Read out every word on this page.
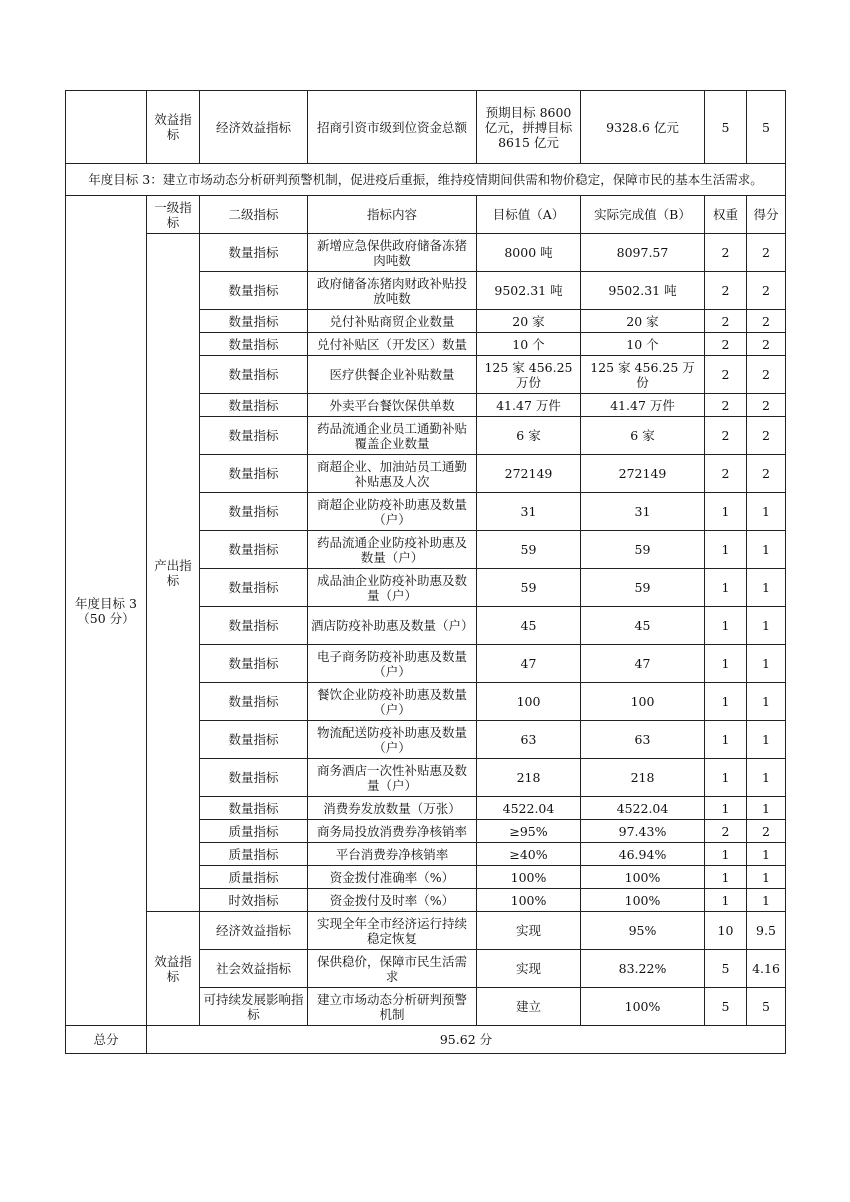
	效益指标	经济效益指标	招商引资市级到位资金总额	预期目标 8600 亿元，拼搏目标 8615 亿元	9328.6 亿元	5	5
年度目标 3：建立市场动态分析研判预警机制，促进疫后重振，维持疫情期间供需和物价稳定，保障市民的基本生活需求。							
年度目标 3
（50 分）	一级指标	二级指标	指标内容	目标值（A）	实际完成值（B）	权重	得分
	产出指标	数量指标	新增应急保供政府储备冻猪肉吨数	8000 吨	8097.57	2	2
		数量指标	政府储备冻猪肉财政补贴投放吨数	9502.31 吨	9502.31 吨	2	2
		数量指标	兑付补贴商贸企业数量	20 家	20 家	2	2
		数量指标	兑付补贴区（开发区）数量	10 个	10 个	2	2
		数量指标	医疗供餐企业补贴数量	125 家 456.25 万份	125 家 456.25 万份	2	2
		数量指标	外卖平台餐饮保供单数	41.47 万件	41.47 万件	2	2
		数量指标	药品流通企业员工通勤补贴覆盖企业数量	6 家	6 家	2	2
		数量指标	商超企业、加油站员工通勤补贴惠及人次	272149	272149	2	2
		数量指标	商超企业防疫补助惠及数量（户）	31	31	1	1
		数量指标	药品流通企业防疫补助惠及数量（户）	59	59	1	1
		数量指标	成品油企业防疫补助惠及数量（户）	59	59	1	1
		数量指标	酒店防疫补助惠及数量（户）	45	45	1	1
		数量指标	电子商务防疫补助惠及数量（户）	47	47	1	1
		数量指标	餐饮企业防疫补助惠及数量（户）	100	100	1	1
		数量指标	物流配送防疫补助惠及数量（户）	63	63	1	1
		数量指标	商务酒店一次性补贴惠及数量（户）	218	218	1	1
		数量指标	消费券发放数量（万张）	4522.04	4522.04	1	1
		质量指标	商务局投放消费券净核销率	≥95%	97.43%	2	2
		质量指标	平台消费券净核销率	≥40%	46.94%	1	1
		质量指标	资金拨付准确率（%）	100%	100%	1	1
		时效指标	资金拨付及时率（%）	100%	100%	1	1
	效益指标	经济效益指标	实现全年全市经济运行持续稳定恢复	实现	95%	10	9.5
		社会效益指标	保供稳价，保障市民生活需求	实现	83.22%	5	4.16
		可持续发展影响指标	建立市场动态分析研判预警机制	建立	100%	5	5
总分	95.62 分						
